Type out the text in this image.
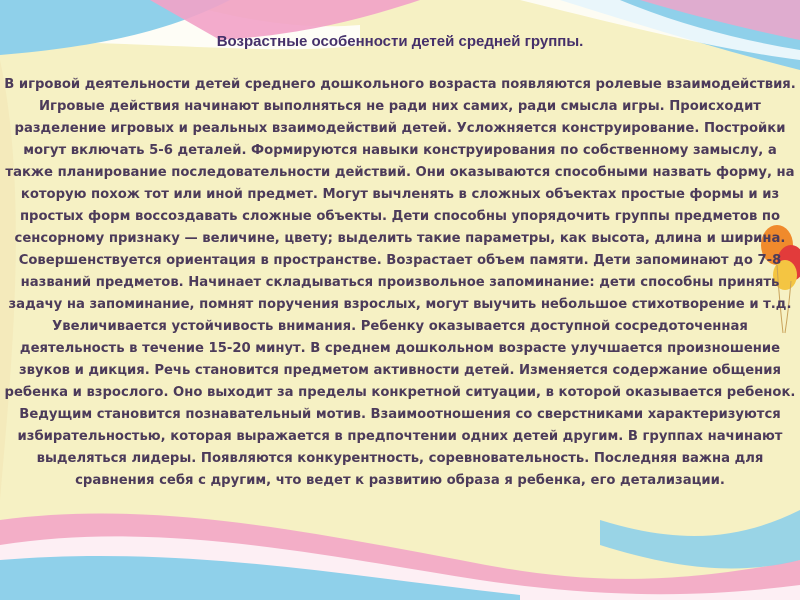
Возрастные особенности детей средней группы.

В игровой деятельности детей среднего дошкольного возраста появляются ролевые взаимодействия.
Игровые действия начинают выполняться не ради них самих, ради смысла игры. Происходит
разделение игровых и реальных взаимодействий детей. Усложняется конструирование. Постройки
могут включать 5-6 деталей. Формируются навыки конструирования по собственному замыслу, а
также планирование последовательности действий. Они оказываются способными назвать форму, на
которую похож тот или иной предмет. Могут вычленять в сложных объектах простые формы и из
простых форм воссоздавать сложные объекты. Дети способны упорядочить группы предметов по
сенсорному признаку — величине, цвету; выделить такие параметры, как высота, длина и ширина.
Совершенствуется ориентация в пространстве. Возрастает объем памяти. Дети запоминают до 7-8
названий предметов. Начинает складываться произвольное запоминание: дети способны принять
задачу на запоминание, помнят поручения взрослых, могут выучить небольшое стихотворение и т.д.
Увеличивается устойчивость внимания. Ребенку оказывается доступной сосредоточенная
деятельность в течение 15-20 минут. В среднем дошкольном возрасте улучшается произношение
звуков и дикция. Речь становится предметом активности детей. Изменяется содержание общения
ребенка и взрослого. Оно выходит за пределы конкретной ситуации, в которой оказывается ребенок.
Ведущим становится познавательный мотив. Взаимоотношения со сверстниками характеризуются
избирательностью, которая выражается в предпочтении одних детей другим. В группах начинают
выделяться лидеры. Появляются конкурентность, соревновательность. Последняя важна для
сравнения себя с другим, что ведет к развитию образа я ребенка, его детализации.
